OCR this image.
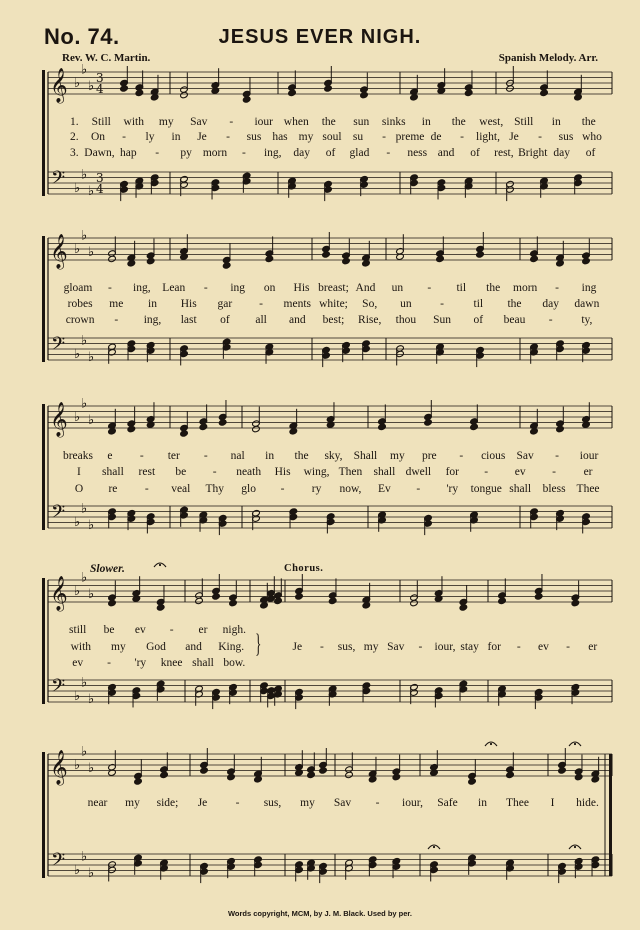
No. 74.	JESUS EVER NIGH.
Rev. W. C. Martin.	Spanish Melody. Arr.
𝄞
𝄢
♭
♭
♭
♭
♭
♭
3
4
3
4
𝄞
𝄢
♭
♭
♭
♭
♭
♭
𝄞
𝄢
♭
♭
♭
♭
♭
♭
𝄞
𝄢
♭
♭
♭
♭
♭
♭
𝄞
𝄢
♭
♭
♭
♭
♭
♭
Still with my Sav - iour when the sun sinks in the west, Still in the
On - ly in Je - sus has my soul su - preme de - light, Je - sus who
Dawn, hap - py morn - ing, day of glad - ness and of rest, Bright day of
gloam - ing, Lean - ing on His breast; And un - til the morn - ing
robes me in His gar - ments white; So, un -	til the day dawn
crown - ing, last of all and best; Rise, thou Sun of beau - ty,
breaks e - ter - nal in the sky, Shall my pre - cious Sav - iour
I shall rest be - neath His wing, Then shall dwell for - ev - er
O re - veal Thy glo - ry now, Ev - 'ry tongue shall bless Thee
still be ev - er nigh.
with my God and King.
ev - 'ry knee shall bow.
Je - sus, my Sav - iour, stay for - ev - er
near my side; Je - sus, my Sav - iour, Safe in Thee I hide.
1.
2.
3.
Slower.	Chorus.
}
Words copyright, MCM, by J. M. Black. Used by per.
